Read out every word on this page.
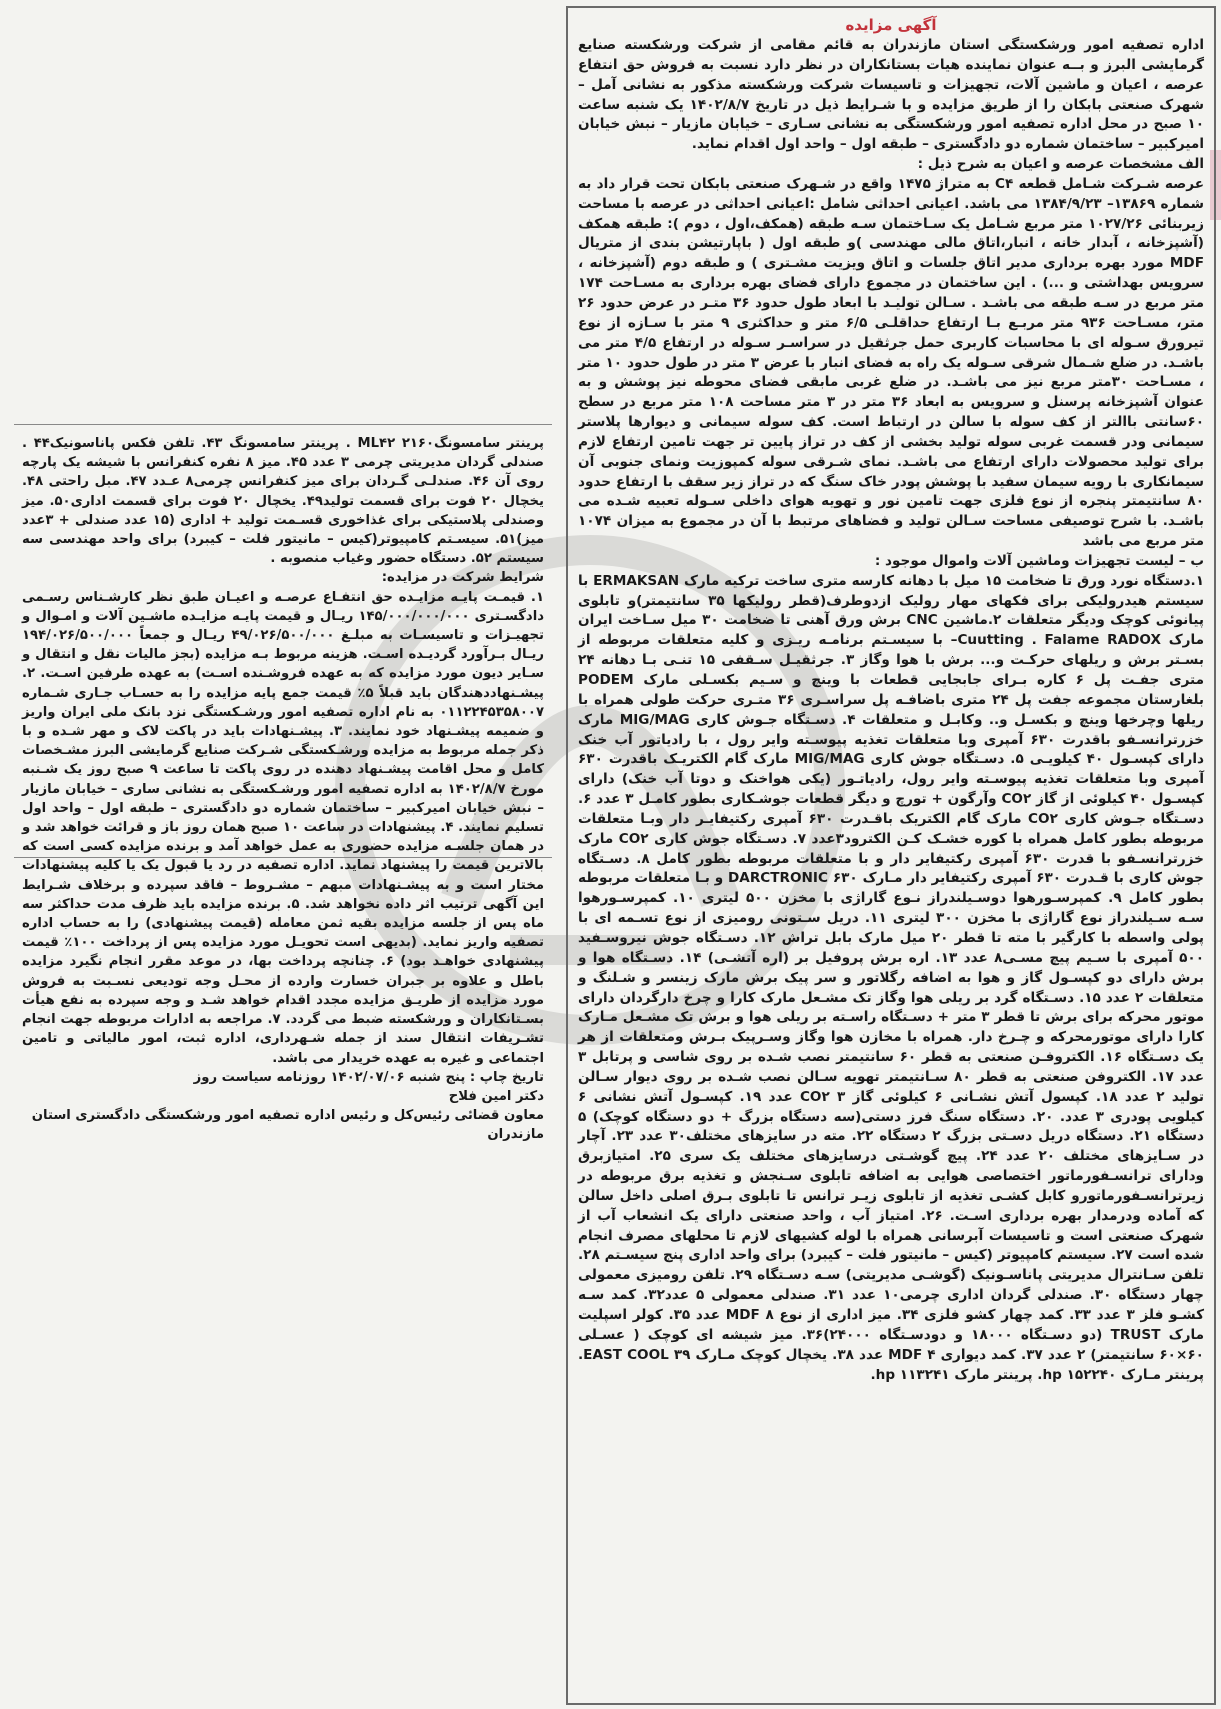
آگهی مزایده

اداره تصفیه امور ورشکستگی استان مازندران به قائم مقامی از شرکت ورشکسته صنایع گرمایشی البرز و بــه عنوان نماینده هیات بستانکاران در نظر دارد نسبت به فروش حق انتفاع عرصه ، اعیان و ماشین آلات، تجهیزات و تاسیسات شرکت ورشکسته مذکور به نشانی آمل –شهرک صنعتی بابکان را از طریق مزایده و با شـرایط ذیل در تاریخ ۱۴۰۲/۸/۷ یک شنبه ساعت ۱۰ صبح در محل اداره تصفیه امور ورشکستگی به نشانی سـاری – خیابان مازیار – نبش خیابان امیرکبیر – ساختمان شماره دو دادگستری – طبقه اول – واحد اول اقدام نماید.

الف مشخصات عرصه و اعیان به شرح ذیل :

عرصه شـرکت شـامل قطعه C۴ به متراژ ۱۴۷۵ واقع در شـهرک صنعتی بابکان تحت قرار داد به شماره ۱۳۸۶۹– ۱۳۸۴/۹/۲۳ می باشد. اعیانی احداثی شامل :اعیانی احداثی در عرصه با مساحت زیربنائی ۱۰۲۷/۲۶ متر مربع شـامل یک سـاختمان سـه طبقه (همکف،اول ، دوم ): طبقه همکف (آشپزخانه ، آبدار خانه ، انبار،اتاق مالی مهندسی )و طبقه اول ( باپارتیشن بندی از متریال MDF مورد بهره برداری مدیر اتاق جلسات و اتاق ویزیت مشـتری ) و طبقه دوم (آشپزخانه ، سرویس بهداشتی و ...) . این ساختمان در مجموع دارای فضای بهره برداری به مسـاحت ۱۷۴ متر مربع در سـه طبقه می باشـد . سـالن تولیـد با ابعاد طول حدود ۳۶ متـر در عرض حدود ۲۶ متر، مسـاحت ۹۳۶ متر مربـع بـا ارتفاع حداقلـی ۶/۵ متر و حداکثری ۹ متر با سـازه از نوع تیرورق سـوله ای با محاسبات کاربری حمل جرثقیل در سراسـر سـوله در ارتفاع ۴/۵ متر می باشـد. در ضلع شـمال شرقی سـوله یک راه به فضای انبار با عرض ۳ متر در طول حدود ۱۰ متر ، مسـاحت ۳۰متر مربع نیز می باشـد. در ضلع غربی مابقی فضای محوطه نیز پوشش و به عنوان آشپزخانه پرسنل و سرویس به ابعاد ۳۶ متر در ۳ متر مساحت ۱۰۸ متر مربع در سطح ۶۰سانتی باالتر از کف سوله با سالن در ارتباط است. کف سوله سیمانی و دیوارها پلاستر سیمانی ودر قسمت غربی سوله تولید بخشی از کف در تراز پایین تر جهت تامین ارتفاع لازم برای تولید محصولات دارای ارتفاع می باشـد. نمای شـرقی سوله کمپوزیت ونمای جنوبی آن سیمانکاری با رویه سیمان سفید با پوشش پودر خاک سنگ که در تراز زیر سقف با ارتفاع حدود ۸۰ سانتیمتر پنجره از نوع فلزی جهت تامین نور و تهویه هوای داخلی سـوله تعبیه شـده می باشـد. با شرح توصیفی مساحت سـالن تولید و فضاهای مرتبط با آن در مجموع به میزان ۱۰۷۴ متر مربع می باشد

ب – لیست تجهیزات وماشین آلات واموال موجود :

۱.دستگاه نورد ورق تا ضخامت ۱۵ میل با دهانه کارسه متری ساخت ترکیه مارک ERMAKSAN با سیستم هیدرولیکی برای فکهای مهار رولیک ازدوطرف(قطر رولیکها ۳۵ سانتیمتر)و تابلوی پیانوئی کوچک ودیگر متعلقات ۲.ماشین CNC برش ورق آهنی تا ضخامت ۳۰ میل سـاخت ایران مارک Cuutting . Falame RADOX– با سیسـتم برنامـه ریـزی و کلیه متعلقات مربوطه از بسـتر برش و ریلهای حرکـت و... برش با هوا وگاز ۳. جرثقیـل سـقفی ۱۵ تنـی بـا دهانه ۲۴ متری جفـت پل ۶ کاره بـرای جابجایی قطعات با وینچ و سـیم بکسـلی مارک PODEM بلغارستان مجموعه جفت پل ۲۴ متری باضافـه پل سراسـری ۳۶ متـری حرکت طولی همراه با ریلها وچرخها وینچ و بکسـل و.. وکابـل و متعلقات ۴. دسـتگاه جـوش کاری MIG/MAG مارک خزرترانسـفو باقدرت ۶۳۰ آمپری وبا متعلقات تغذیه پیوسـته وایر رول ، با رادیاتور آب خنک دارای کپسـول ۴۰ کیلویـی ۵. دسـتگاه جوش کاری MIG/MAG مارک گام الکتریـک باقدرت ۶۳۰ آمپری وبا متعلقات تغذیه پیوسـته وایر رول، رادیاتـور (یکی هواخنک و دوتا آب خنک) دارای کپسـول ۴۰ کیلوئی از گاز CO۲ وآرگون + تورچ و دیگر قطعات جوشـکاری بطور کامـل ۳ عدد ۶. دسـتگاه جـوش کاری CO۲ مارک گام الکتریک باقـدرت ۶۳۰ آمپری رکتیفایـر دار وبـا متعلقات مربوطه بطور کامل همراه با کوره خشـک کـن الکترود۳عدد ۷. دسـتگاه جوش کاری CO۲ مارک خزرترانسـفو با قدرت ۶۳۰ آمپری رکتیفایر دار و با متعلقات مربوطه بطور کامل ۸. دسـتگاه جوش کاری با قـدرت ۶۳۰ آمپری رکتیفایر دار مـارک DARCTRONIC ۶۳۰ و بـا متعلقات مربوطه بطور کامل ۹. کمپرسـورهوا دوسـیلندراز نـوع گاراژی با مخزن ۵۰۰ لیتری ۱۰. کمپرسـورهوا سـه سـیلندراز نوع گاراژی با مخزن ۳۰۰ لیتری ۱۱. دریل سـتونی رومیزی از نوع تسـمه ای با پولی واسطه با کارگیر با مته تا قطر ۲۰ میل مارک بابل تراش ۱۲. دسـتگاه جوش نیروسـفید ۵۰۰ آمپری با سـیم پیچ مسـی۸ عدد ۱۳. اره برش پروفیل بر (اره آتشـی) ۱۴. دسـتگاه هوا و برش دارای دو کپسـول گاز و هوا به اضافه رگلاتور و سر پیک برش مارک زینسر و شـلنگ و متعلقات ۲ عدد ۱۵. دسـتگاه گرد بر ریلی هوا وگاز تک مشـعل مارک کارا و چرخ دارگردان دارای موتور محرکه برای برش تا قطر ۳ متر + دسـتگاه راسـته بر ریلی هوا و برش تک مشـعل مـارک کارا دارای موتورمحرکه و چـرخ دار. همراه با مخازن هوا وگاز وسـرپیک بـرش ومتعلقات از هر یک دسـتگاه ۱۶. الکتروفـن صنعتی به قطر ۶۰ سانتیمتر نصب شـده بر روی شاسی و پرتابل ۳ عدد ۱۷. الکتروفن صنعتی به قطر ۸۰ سـانتیمتر تهویه سـالن نصب شـده بر روی دیوار سـالن تولید ۲ عدد ۱۸. کپسول آتش نشـانی ۶ کیلوئی گاز CO۲ ۳ عدد ۱۹. کپسـول آتش نشانی ۶ کیلویی پودری ۳ عدد. ۲۰. دستگاه سنگ فرز دستی(سه دستگاه بزرگ + دو دستگاه کوچک) ۵ دستگاه ۲۱. دستگاه دریل دسـتی بزرگ ۲ دستگاه ۲۲. مته در سایزهای مختلف۳۰ عدد ۲۳. آچار در سـایزهای مختلف ۲۰ عدد ۲۴. پیچ گوشـتی درسایزهای مختلف یک سری ۲۵. امتیازبرق ودارای ترانسـفورماتور اختصاصی هوایی به اضافه تابلوی سـنجش و تغذیه برق مربوطه در زیرترانسـفورماتورو کابل کشـی تغذیه از تابلوی زیـر ترانس تا تابلوی بـرق اصلی داخل سالن که آماده ودرمدار بهره برداری اسـت. ۲۶. امتیاز آب ، واحد صنعتی دارای یک انشعاب آب از شهرک صنعتی است و تاسیسات آبرسانی همراه با لوله کشیهای لازم تا محلهای مصرف انجام شده است ۲۷. سیستم کامپیوتر (کیس – مانیتور فلت – کیبرد) برای واحد اداری پنج سیسـتم ۲۸. تلفن سـانترال مدیریتی پاناسـونیک (گوشـی مدیریتی) سـه دسـتگاه ۲۹. تلفن رومیزی معمولی چهار دستگاه ۳۰. صندلی گردان اداری چرمی۱۰ عدد ۳۱. صندلی معمولی ۵ عدد۳۲. کمد سـه کشـو فلز ۳ عدد ۳۳. کمد چهار کشو فلزی ۳۴. میز اداری از نوع MDF ۸ عدد ۳۵. کولر اسپلیت مارک TRUST (دو دسـتگاه ۱۸۰۰۰ و دودسـتگاه ۲۴۰۰۰)۳۶. میز شیشه ای کوچک ( عسـلی ۶۰×۶۰ سانتیمتر) ۲ عدد ۳۷. کمد دیواری MDF ۴ عدد ۳۸. یخچال کوچک مـارک EAST COOL ۳۹. پرینتر مـارک hp ۱۵۲۲۴۰. پرینتر مارک hp ۱۱۳۲۴۱.

پرینتر سامسونگ۲۱۶۰ ML۴۲ . پرینتر سامسونگ ۴۳. تلفن فکس پاناسونیک۴۴ . صندلی گردان مدیریتی چرمی ۳ عدد ۴۵. میز ۸ نفره کنفرانس با شیشه یک پارچه روی آن ۴۶. صندلـی گـردان برای میز کنفرانس چرمی۸ عـدد ۴۷. مبل راحتی ۴۸. یخچال ۲۰ فوت برای قسمت تولید۴۹. یخچال ۲۰ فوت برای قسمت اداری۵۰. میز وصندلی پلاستیکی برای غذاخوری قسـمت تولید + اداری (۱۵ عدد صندلی + ۳عدد میز)۵۱. سیسـتم کامپیوتر(کیس – مانیتور فلت – کیبرد) برای واحد مهندسی سه سیستم ۵۲. دستگاه حضور وغیاب منصوبه .

شرایط شرکت در مزایده:

۱. قیمـت پایـه مزایـده حق انتفـاع عرصـه و اعیـان طبق نظر کارشـناس رسـمی دادگسـتری ۱۴۵/۰۰۰/۰۰۰/۰۰۰ ریـال و قیمت پایـه مزایـده ماشـین آلات و امـوال و تجهیـزات و تاسیسـات به مبلـغ ۴۹/۰۲۶/۵۰۰/۰۰۰ ریـال و جمعاً ۱۹۴/۰۲۶/۵۰۰/۰۰۰ ریـال بـرآورد گردیـده اسـت. هزینه مربوط بـه مزایده (بجز مالیات نقل و انتقال و سـایر دیون مورد مزایده که به عهده فروشـنده اسـت) به عهده طرفین اسـت. ۲. پیشـنهاددهندگان باید قبلاً ۵٪ قیمت جمع پایه مزایده را به حسـاب جـاری شـماره ۰۱۱۲۲۴۵۳۵۸۰۰۷ به نام اداره تصفیه امور ورشـکستگی نزد بانک ملی ایران واریز و ضمیمه پیشـنهاد خود نمایند. ۳. پیشـنهادات باید در پاکت لاک و مهر شـده و با ذکر جمله مربوط به مزایده ورشـکستگی شـرکت صنایع گرمایشی البرز مشـخصات کامل و محل اقامت پیشـنهاد دهنده در روی پاکت تا ساعت ۹ صبح روز یک شـنبه مورخ ۱۴۰۲/۸/۷ به اداره تصفیه امور ورشـکستگی به نشانی ساری – خیابان مازیار – نبش خیابان امیرکبیر – ساختمان شماره دو دادگستری – طبقه اول – واحد اول تسلیم نمایند. ۴. پیشنهادات در ساعت ۱۰ صبح همان روز باز و قرائت خواهد شد و در همان جلسـه مزایده حضوری به عمل خواهد آمد و برنده مزایده کسی است که بالاترین قیمت را پیشنهاد نماید. اداره تصفیه در رد یا قبول یک یا کلیه پیشنهادات مختار است و به پیشـنهادات مبهم – مشـروط – فاقد سپرده و برخلاف شـرایط این آگهی ترتیب اثر داده نخواهد شد. ۵. برنده مزایده باید ظرف مدت حداکثر سه ماه پس از جلسه مزایده بقیه ثمن معامله (قیمت پیشنهادی) را به حساب اداره تصفیه واریز نماید. (بدیهی است تحویـل مورد مزایده پس از پرداخت ۱۰۰٪ قیمت پیشنهادی خواهـد بود) ۶. چنانچه پرداخت بها، در موعد مقرر انجام نگیرد مزایده باطل و علاوه بر جبران خسارت وارده از محـل وجه تودیعی نسـبت به فروش مورد مزایده از طریـق مزایده مجدد اقدام خواهد شـد و وجه سپرده به نفع هیأت بسـتانکاران و ورشکسته ضبط می گردد. ۷. مراجعه به ادارات مربوطه جهت انجام تشـریفات انتقال سند از جمله شـهرداری، اداره ثبت، امور مالیاتی و تامین اجتماعی و غیره به عهده خریدار می باشد.

تاریخ چاپ : پنج شنبه ۱۴۰۲/۰۷/۰۶ روزنامه سیاست روز

دکتر امین فلاح

معاون قضائی رئیس‌کل و رئیس اداره تصفیه امور ورشکستگی دادگستری استان مازندران
